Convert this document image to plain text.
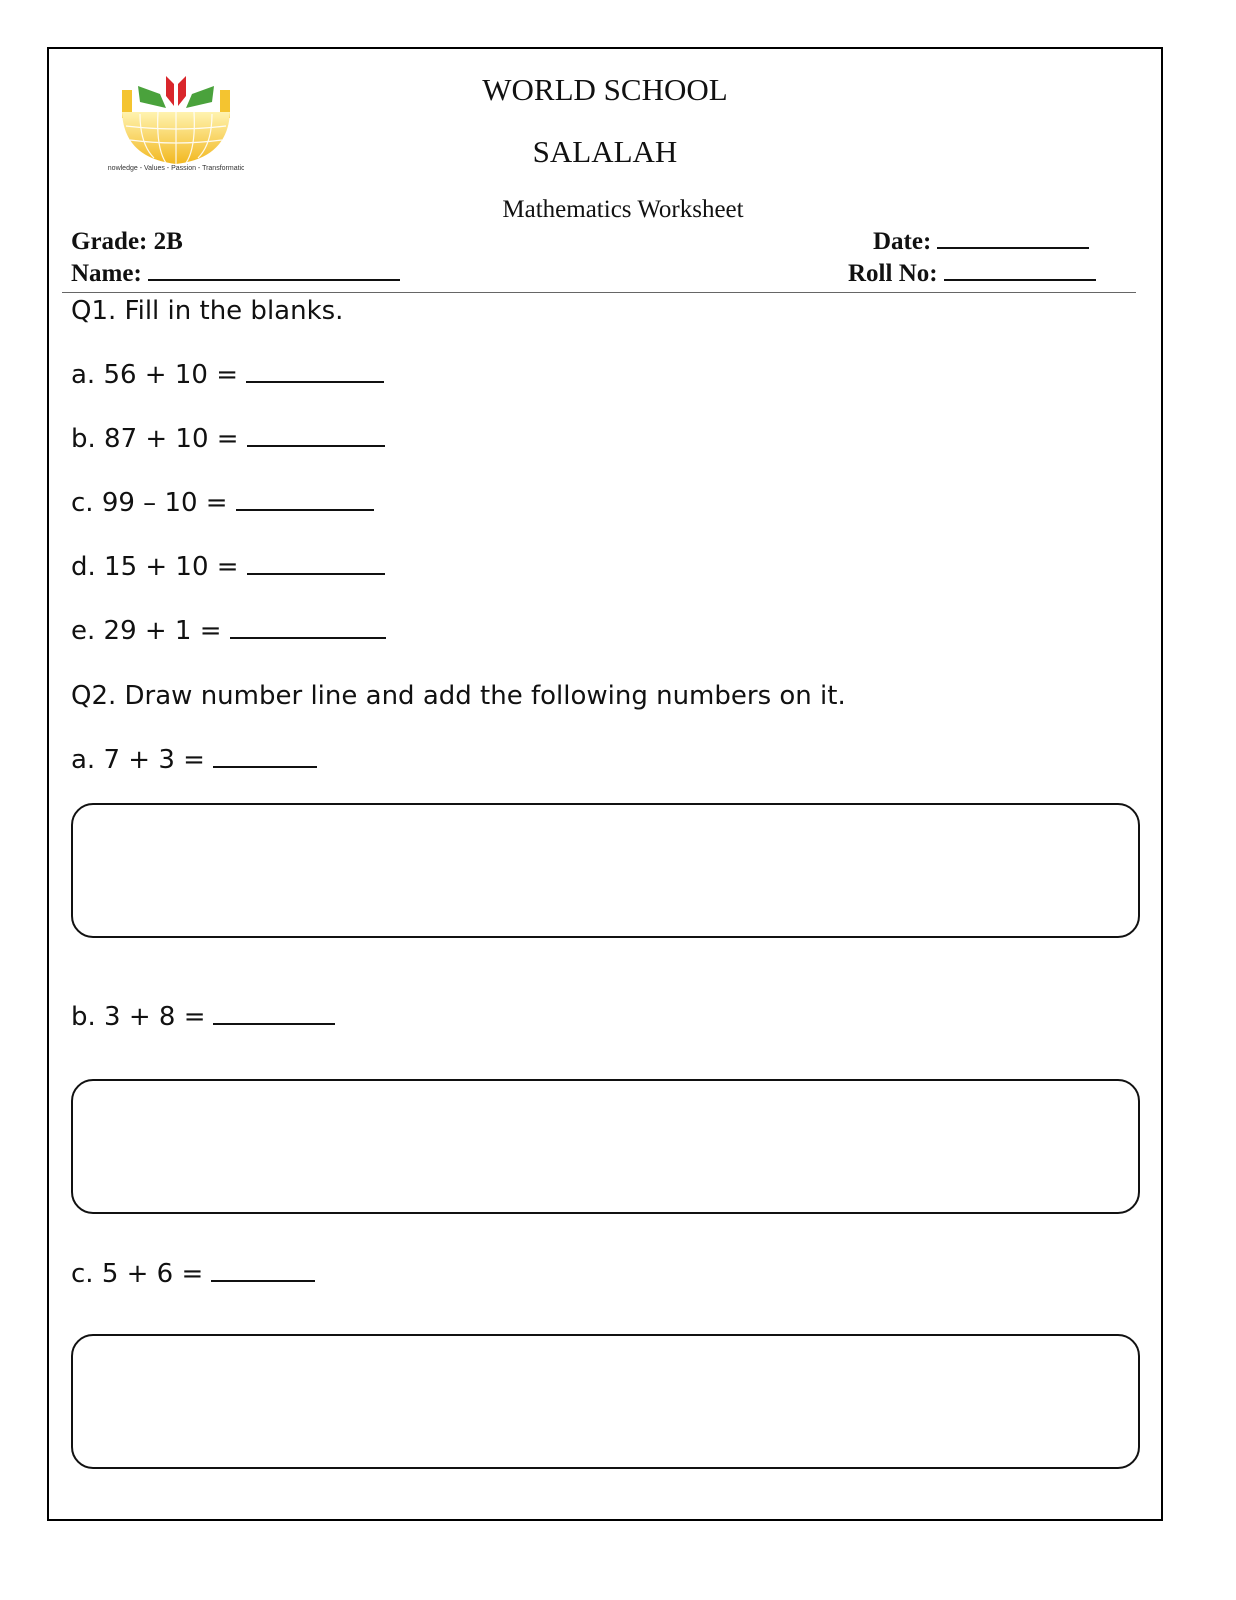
Knowledge - Values - Passion - Transformation
WORLD SCHOOL
SALALAH
Mathematics Worksheet
Grade: 2B
Name:
Date:
Roll No:
Q1. Fill in the blanks.
a. 56 + 10 =
b. 87 + 10 =
c. 99 – 10 =
d. 15 + 10 =
e. 29 + 1 =
Q2. Draw number line and add the following numbers on it.
a. 7 + 3 =
b. 3 + 8 =
c. 5 + 6 =
